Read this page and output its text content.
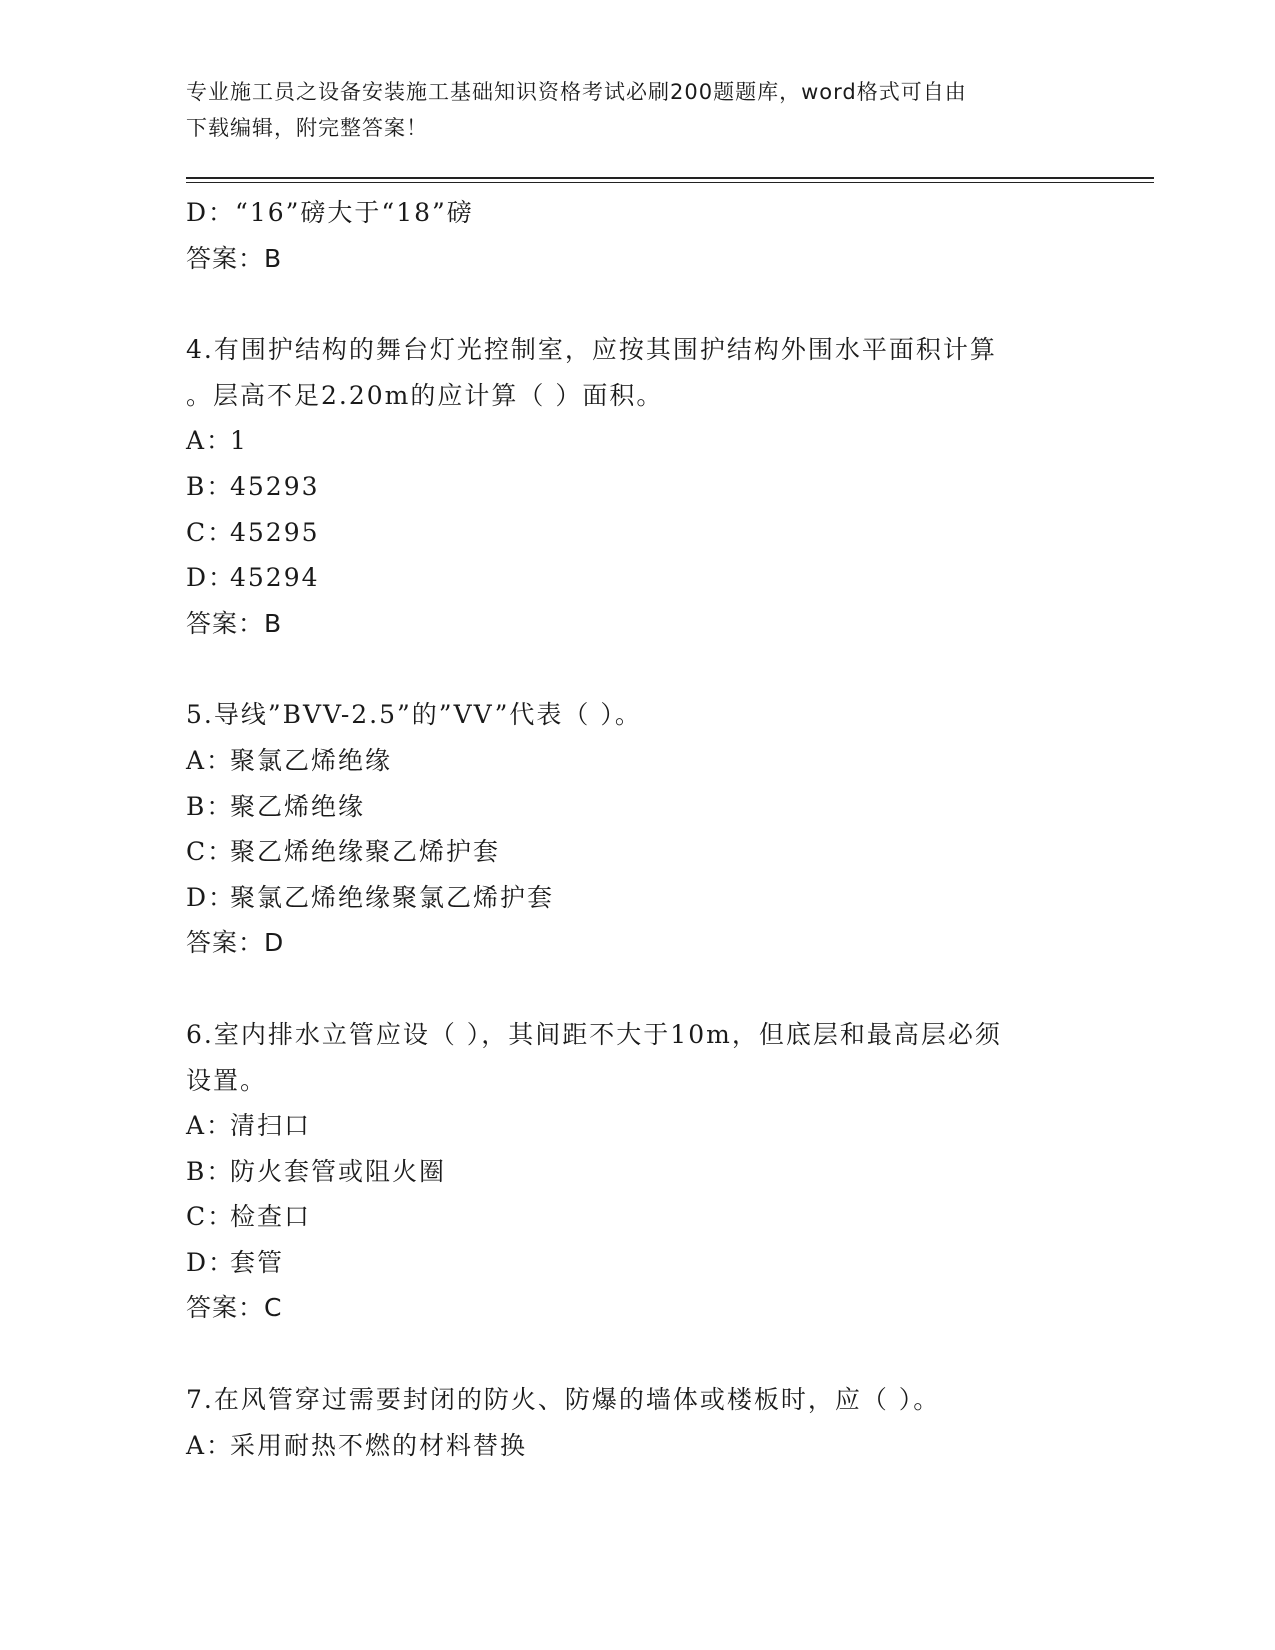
专业施工员之设备安装施工基础知识资格考试必刷200题题库，word格式可自由
下载编辑，附完整答案！
D：“16”磅大于“18”磅
答案：B
4.有围护结构的舞台灯光控制室，应按其围护结构外围水平面积计算
。层高不足2.20m的应计算（ ）面积。
A：1
B：45293
C：45295
D：45294
答案：B
5.导线”BVV-2.5”的”VV”代表（ ）。
A：聚氯乙烯绝缘
B：聚乙烯绝缘
C：聚乙烯绝缘聚乙烯护套
D：聚氯乙烯绝缘聚氯乙烯护套
答案：D
6.室内排水立管应设（ ），其间距不大于10m，但底层和最高层必须
设置。
A：清扫口
B：防火套管或阻火圈
C：检查口
D：套管
答案：C
7.在风管穿过需要封闭的防火、防爆的墙体或楼板时，应（ ）。
A：采用耐热不燃的材料替换
